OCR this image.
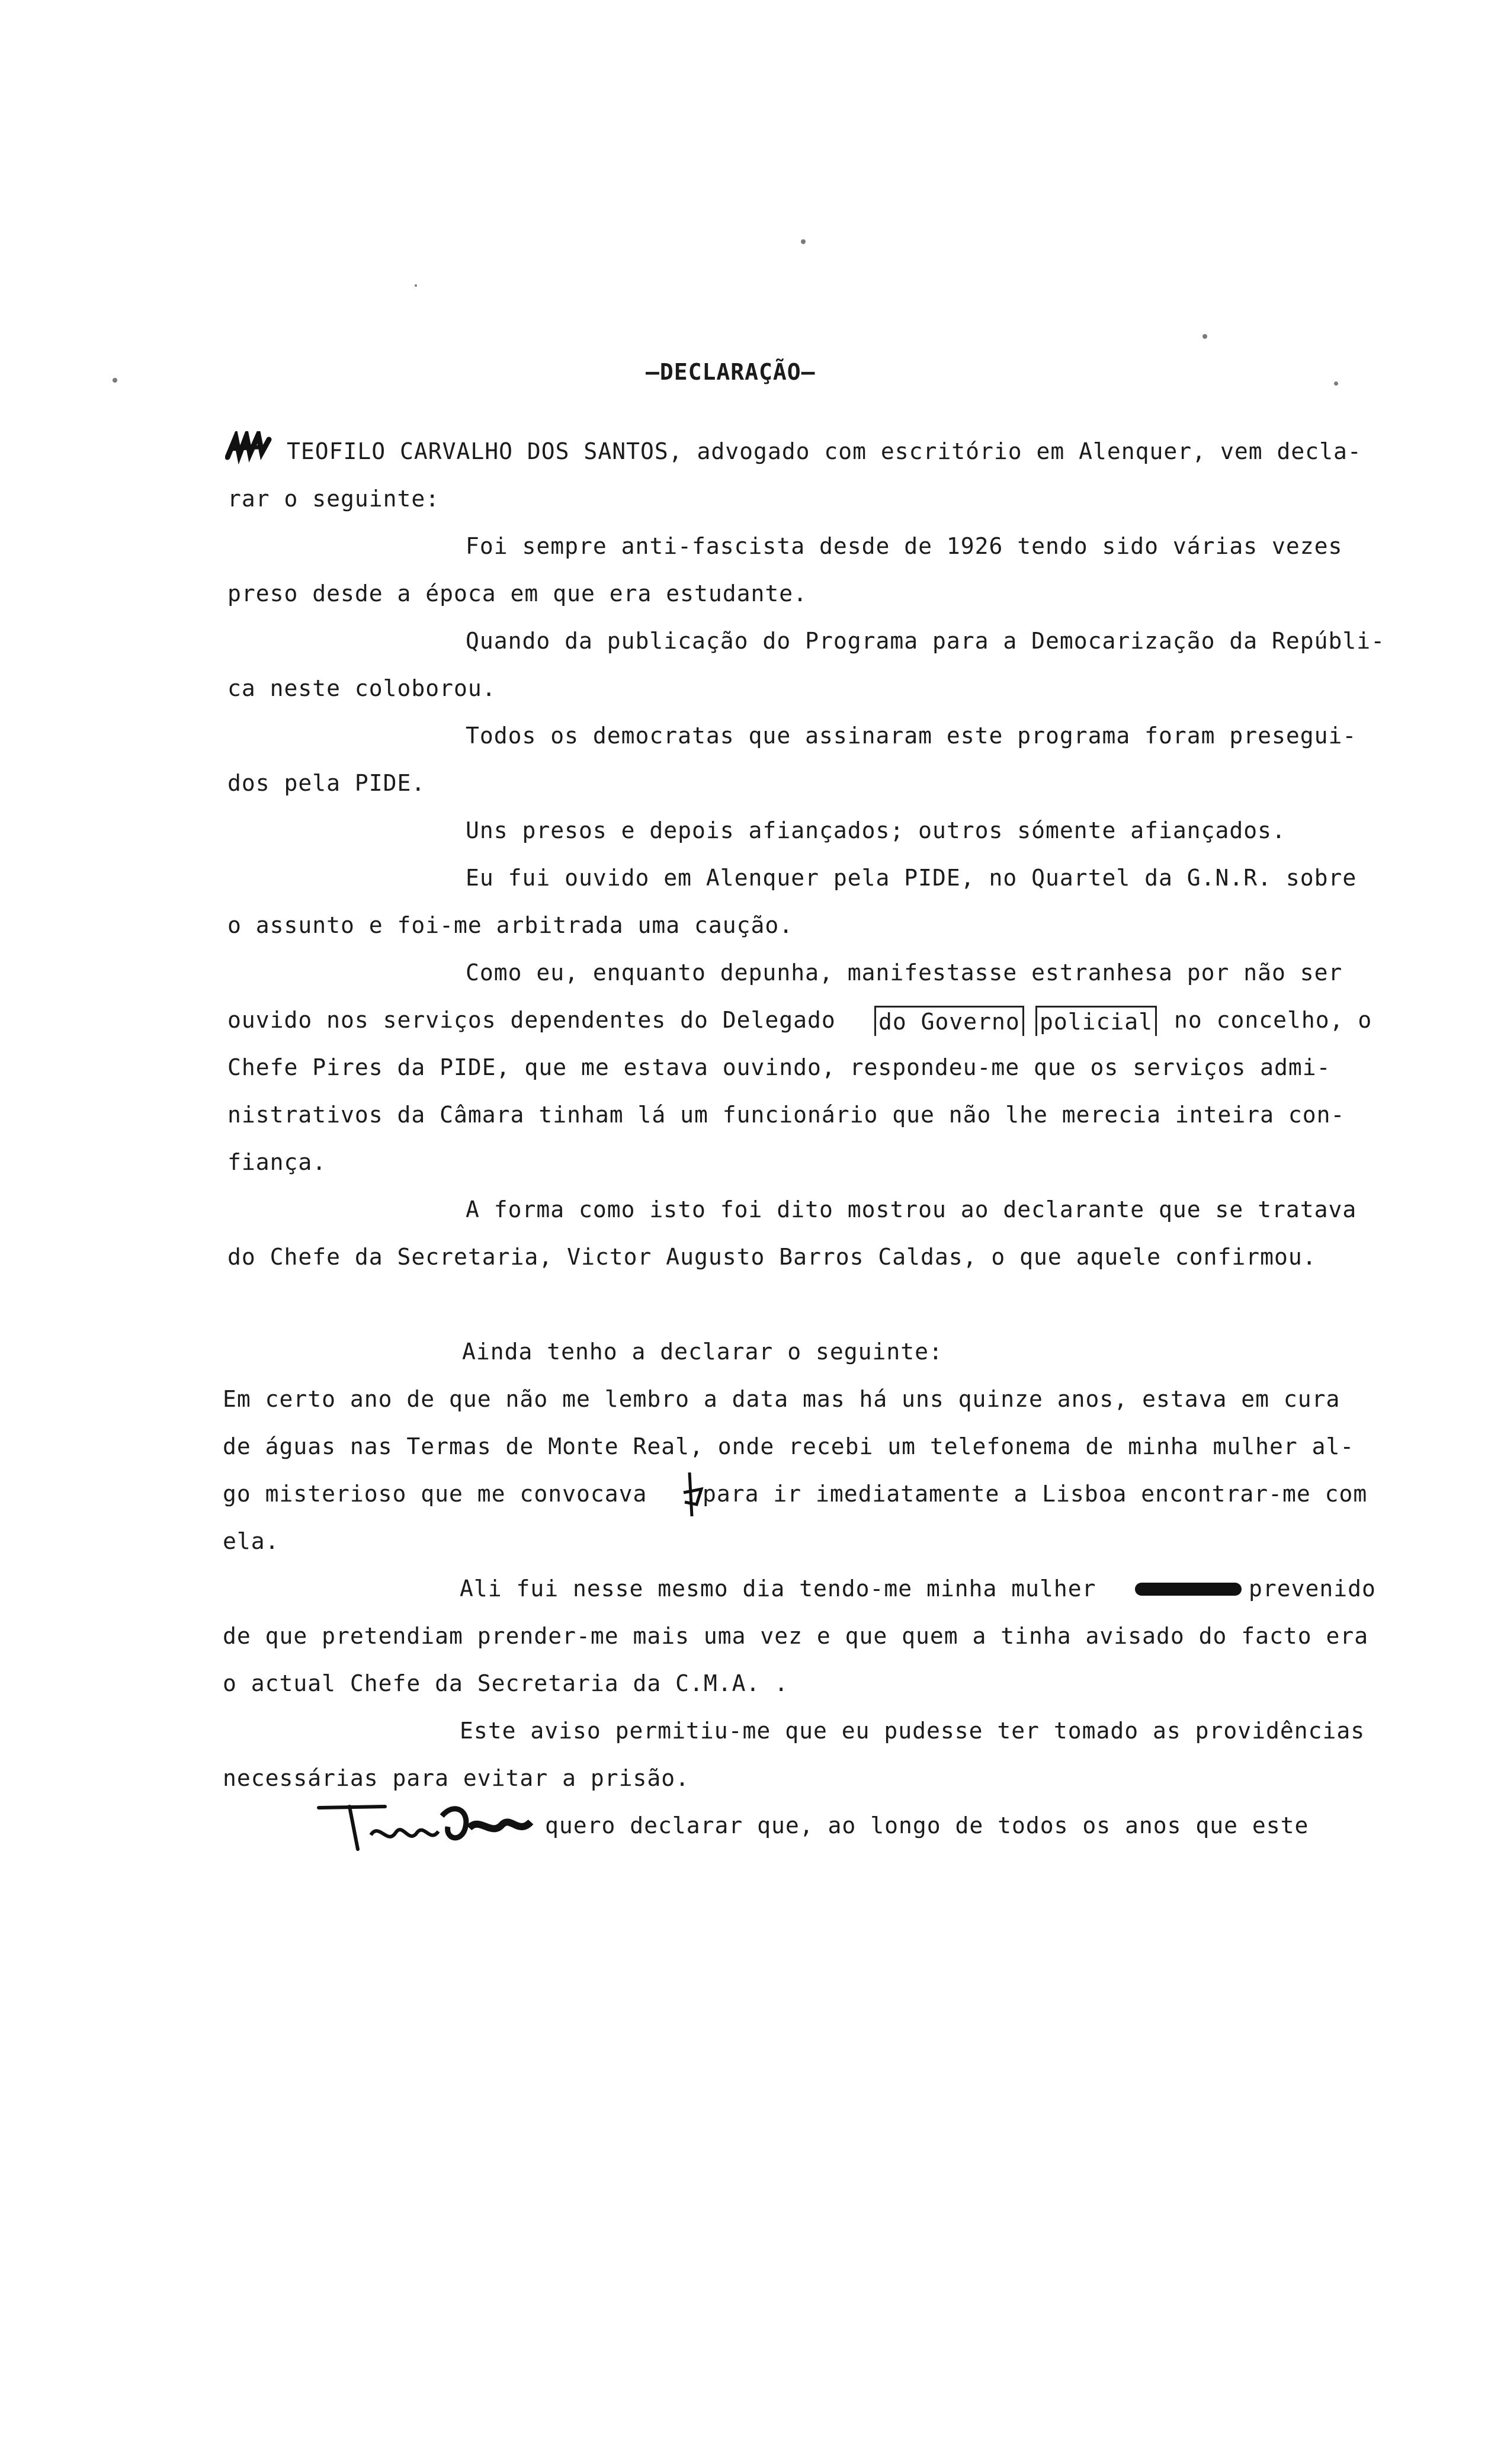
—DECLARAÇÃO—
TEOFILO CARVALHO DOS SANTOS, advogado com escritório em Alenquer, vem decla-
rar o seguinte:
Foi sempre anti-fascista desde de 1926 tendo sido várias vezes
preso desde a época em que era estudante.
Quando da publicação do Programa para a Democarização da Repúbli-
ca neste coloborou.
Todos os democratas que assinaram este programa foram presegui-
dos pela PIDE.
Uns presos e depois afiançados; outros sómente afiançados.
Eu fui ouvido em Alenquer pela PIDE, no Quartel da G.N.R. sobre
o assunto e foi-me arbitrada uma caução.
Como eu, enquanto depunha, manifestasse estranhesa por não ser
ouvido nos serviços dependentes do Delegado do Governo policial no concelho, o
Chefe Pires da PIDE, que me estava ouvindo, respondeu-me que os serviços admi-
nistrativos da Câmara tinham lá um funcionário que não lhe merecia inteira con-
fiança.
A forma como isto foi dito mostrou ao declarante que se tratava
do Chefe da Secretaria, Victor Augusto Barros Caldas, o que aquele confirmou.
Ainda tenho a declarar o seguinte:
Em certo ano de que não me lembro a data mas há uns quinze anos, estava em cura
de águas nas Termas de Monte Real, onde recebi um telefonema de minha mulher al-
go misterioso que me convocava para ir imediatamente a Lisboa encontrar-me com
ela.
Ali fui nesse mesmo dia tendo-me minha mulher	prevenido
de que pretendiam prender-me mais uma vez e que quem a tinha avisado do facto era
o actual Chefe da Secretaria da C.M.A. .
Este aviso permitiu-me que eu pudesse ter tomado as providências
necessárias para evitar a prisão.
quero declarar que, ao longo de todos os anos que este
